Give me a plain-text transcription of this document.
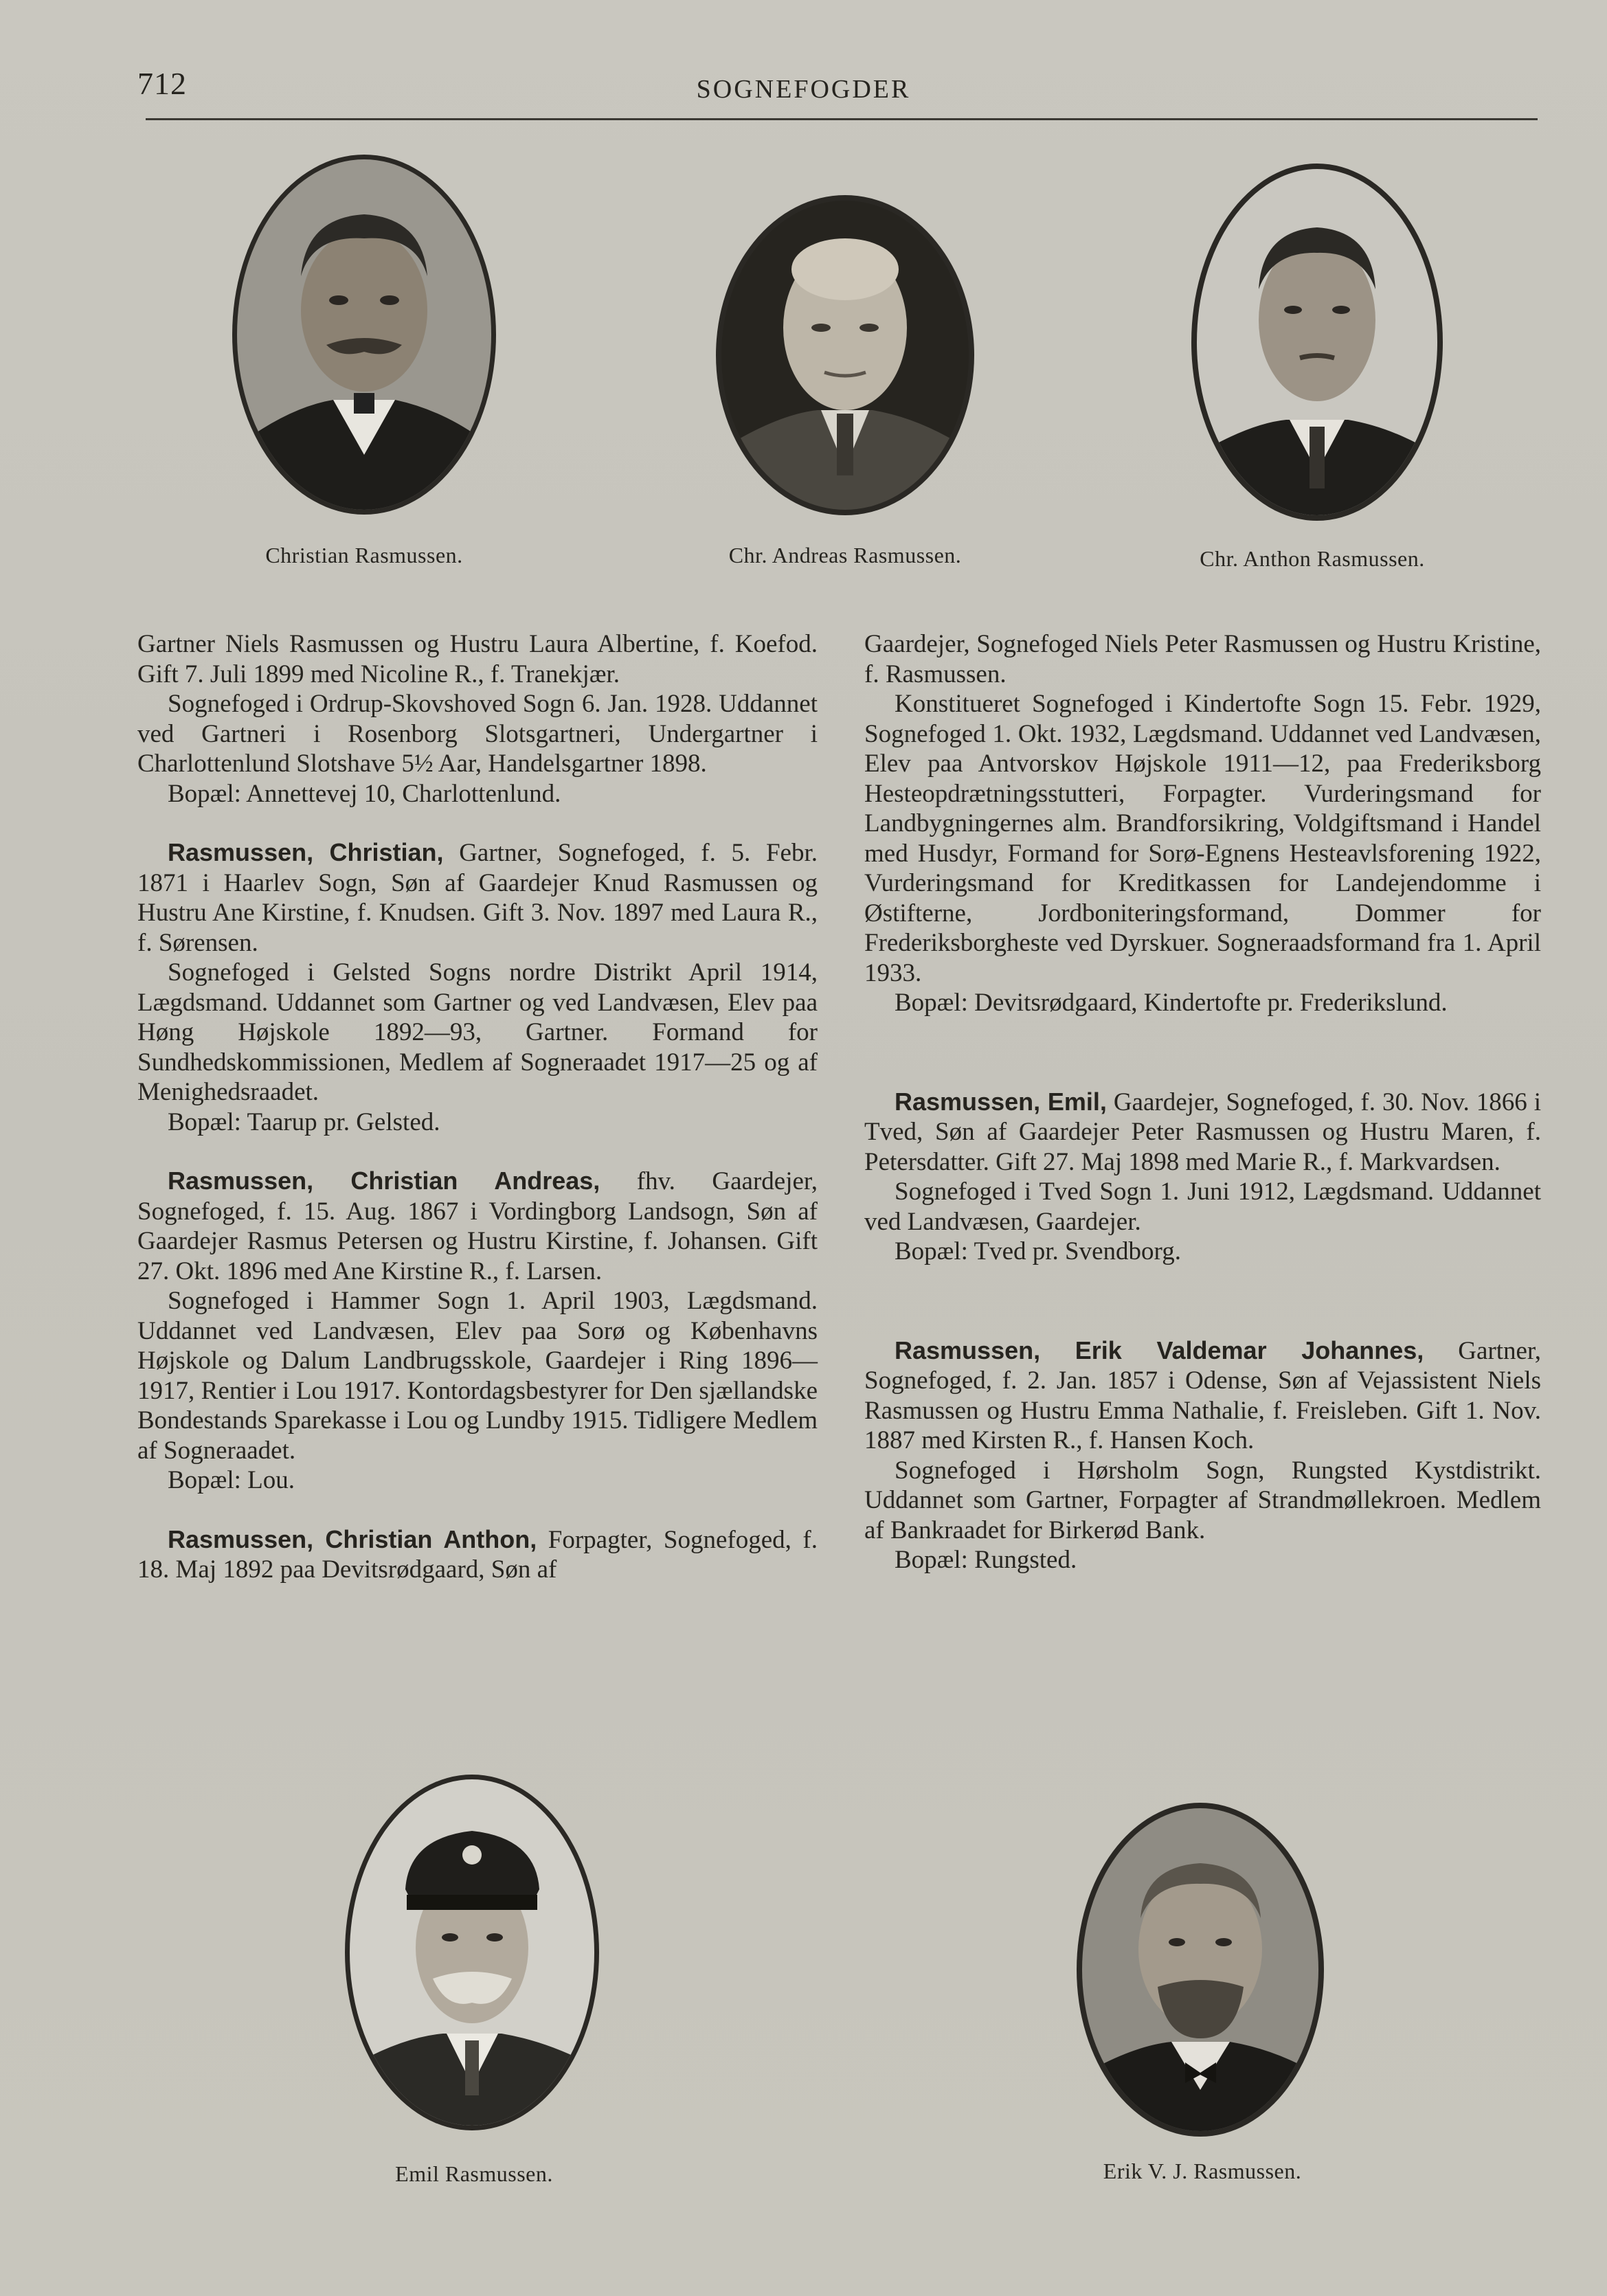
712	SOGNEFOGDER
Christian Rasmussen.	Chr. Andreas Rasmussen.	Chr. Anthon Rasmussen.

Gartner Niels Rasmussen og Hustru Laura Albertine, f. Koefod. Gift 7. Juli 1899 med Nicoline R., f. Tranekjær.

Sognefoged i Ordrup-Skovshoved Sogn 6. Jan. 1928. Uddannet ved Gartneri i Rosenborg Slotsgartneri, Undergartner i Charlottenlund Slotshave 5½ Aar, Handelsgartner 1898.

Bopæl: Annettevej 10, Charlottenlund.

Rasmussen, Christian, Gartner, Sognefoged, f. 5. Febr. 1871 i Haarlev Sogn, Søn af Gaardejer Knud Rasmussen og Hustru Ane Kirstine, f. Knudsen. Gift 3. Nov. 1897 med Laura R., f. Sørensen.

Sognefoged i Gelsted Sogns nordre Distrikt April 1914, Lægdsmand. Uddannet som Gartner og ved Landvæsen, Elev paa Høng Højskole 1892—93, Gartner. Formand for Sundhedskommissionen, Medlem af Sogneraadet 1917—25 og af Menighedsraadet.

Bopæl: Taarup pr. Gelsted.

Rasmussen, Christian Andreas, fhv. Gaardejer, Sognefoged, f. 15. Aug. 1867 i Vordingborg Landsogn, Søn af Gaardejer Rasmus Petersen og Hustru Kirstine, f. Johansen. Gift 27. Okt. 1896 med Ane Kirstine R., f. Larsen.

Sognefoged i Hammer Sogn 1. April 1903, Lægdsmand. Uddannet ved Landvæsen, Elev paa Sorø og Københavns Højskole og Dalum Landbrugsskole, Gaardejer i Ring 1896—1917, Rentier i Lou 1917. Kontordagsbestyrer for Den sjællandske Bondestands Sparekasse i Lou og Lundby 1915. Tidligere Medlem af Sogneraadet.

Bopæl: Lou.

Rasmussen, Christian Anthon, Forpagter, Sognefoged, f. 18. Maj 1892 paa Devitsrødgaard, Søn af

Gaardejer, Sognefoged Niels Peter Rasmussen og Hustru Kristine, f. Rasmussen.

Konstitueret Sognefoged i Kindertofte Sogn 15. Febr. 1929, Sognefoged 1. Okt. 1932, Lægdsmand. Uddannet ved Landvæsen, Elev paa Antvorskov Højskole 1911—12, paa Frederiksborg Hesteopdrætningsstutteri, Forpagter. Vurderingsmand for Landbygningernes alm. Brandforsikring, Voldgiftsmand i Handel med Husdyr, Formand for Sorø-Egnens Hesteavlsforening 1922, Vurderingsmand for Kreditkassen for Landejendomme i Østifterne, Jordboniteringsformand, Dommer for Frederiksborgheste ved Dyrskuer. Sogneraadsformand fra 1. April 1933.

Bopæl: Devitsrødgaard, Kindertofte pr. Frederikslund.

Rasmussen, Emil, Gaardejer, Sognefoged, f. 30. Nov. 1866 i Tved, Søn af Gaardejer Peter Rasmussen og Hustru Maren, f. Petersdatter. Gift 27. Maj 1898 med Marie R., f. Markvardsen.

Sognefoged i Tved Sogn 1. Juni 1912, Lægdsmand. Uddannet ved Landvæsen, Gaardejer.

Bopæl: Tved pr. Svendborg.

Rasmussen, Erik Valdemar Johannes, Gartner, Sognefoged, f. 2. Jan. 1857 i Odense, Søn af Vejassistent Niels Rasmussen og Hustru Emma Nathalie, f. Freisleben. Gift 1. Nov. 1887 med Kirsten R., f. Hansen Koch.

Sognefoged i Hørsholm Sogn, Rungsted Kystdistrikt. Uddannet som Gartner, Forpagter af Strandmøllekroen. Medlem af Bankraadet for Birkerød Bank.

Bopæl: Rungsted.

Emil Rasmussen.	Erik V. J. Rasmussen.
